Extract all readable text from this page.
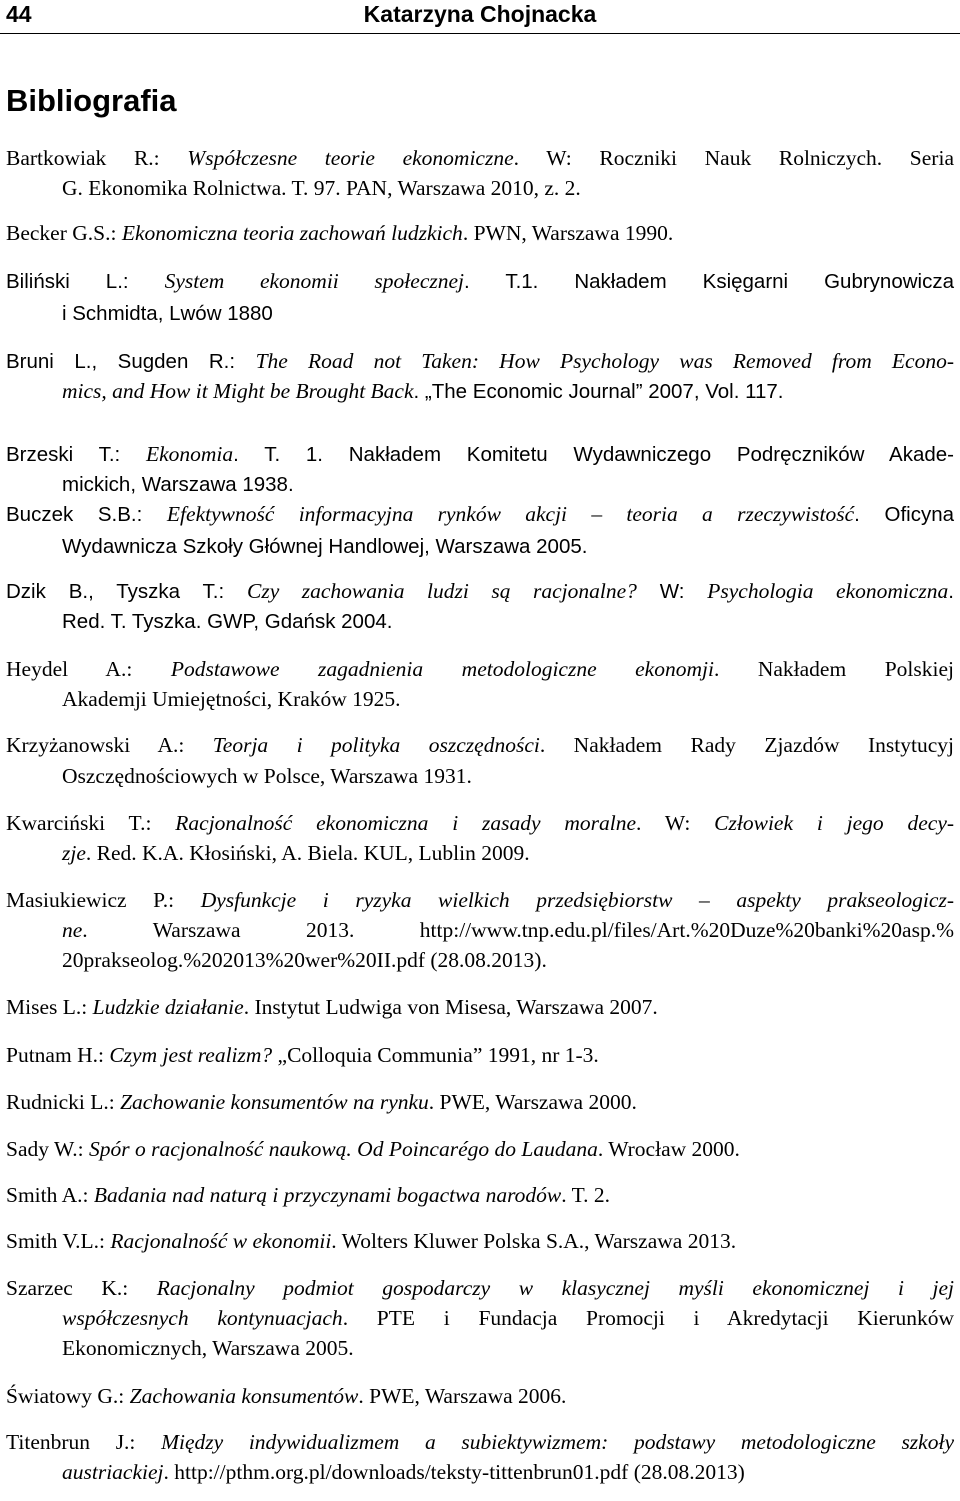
44	Katarzyna Chojnacka
Bibliografia
Bartkowiak R.: Współczesne teorie ekonomiczne. W: Roczniki Nauk Rolniczych. Seria
G. Ekonomika Rolnictwa. T. 97. PAN, Warszawa 2010, z. 2.
Becker G.S.: Ekonomiczna teoria zachowań ludzkich. PWN, Warszawa 1990.
Biliński L.: System ekonomii społecznej. T.1. Nakładem Księgarni Gubrynowicza
i Schmidta, Lwów 1880
Bruni L., Sugden R.: The Road not Taken: How Psychology was Removed from Econo-
mics, and How it Might be Brought Back. „The Economic Journal” 2007, Vol. 117.
Brzeski T.: Ekonomia. T. 1. Nakładem Komitetu Wydawniczego Podręczników Akade-
mickich, Warszawa 1938.
Buczek S.B.: Efektywność informacyjna rynków akcji – teoria a rzeczywistość. Oficyna
Wydawnicza Szkoły Głównej Handlowej, Warszawa 2005.
Dzik B., Tyszka T.: Czy zachowania ludzi są racjonalne? W: Psychologia ekonomiczna.
Red. T. Tyszka. GWP, Gdańsk 2004.
Heydel A.: Podstawowe zagadnienia metodologiczne ekonomji. Nakładem Polskiej
Akademji Umiejętności, Kraków 1925.
Krzyżanowski A.: Teorja i polityka oszczędności. Nakładem Rady Zjazdów Instytucyj
Oszczędnościowych w Polsce, Warszawa 1931.
Kwarciński T.: Racjonalność ekonomiczna i zasady moralne. W: Człowiek i jego decy-
zje. Red. K.A. Kłosiński, A. Biela. KUL, Lublin 2009.
Masiukiewicz P.: Dysfunkcje i ryzyka wielkich przedsiębiorstw – aspekty prakseologicz-
ne. Warszawa 2013. http://www.tnp.edu.pl/files/Art.%20Duze%20banki%20asp.%
20prakseolog.%202013%20wer%20II.pdf (28.08.2013).
Mises L.: Ludzkie działanie. Instytut Ludwiga von Misesa, Warszawa 2007.
Putnam H.: Czym jest realizm? „Colloquia Communia” 1991, nr 1-3.
Rudnicki L.: Zachowanie konsumentów na rynku. PWE, Warszawa 2000.
Sady W.: Spór o racjonalność naukową. Od Poincarégo do Laudana. Wrocław 2000.
Smith A.: Badania nad naturą i przyczynami bogactwa narodów. T. 2.
Smith V.L.: Racjonalność w ekonomii. Wolters Kluwer Polska S.A., Warszawa 2013.
Szarzec K.: Racjonalny podmiot gospodarczy w klasycznej myśli ekonomicznej i jej
współczesnych kontynuacjach. PTE i Fundacja Promocji i Akredytacji Kierunków
Ekonomicznych, Warszawa 2005.
Światowy G.: Zachowania konsumentów. PWE, Warszawa 2006.
Titenbrun J.: Między indywidualizmem a subiektywizmem: podstawy metodologiczne szkoły
austriackiej. http://pthm.org.pl/downloads/teksty-tittenbrun01.pdf (28.08.2013)
